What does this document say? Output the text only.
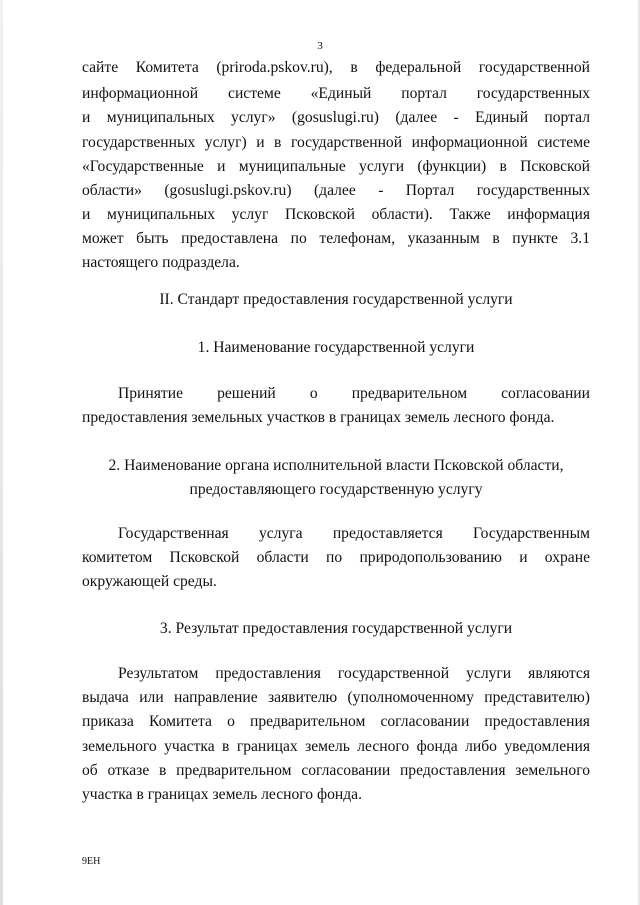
3
сайте Комитета (priroda.pskov.ru), в федеральной государственной
информационной системе «Единый портал государственных
и муниципальных услуг» (gosuslugi.ru) (далее - Единый портал
государственных услуг) и в государственной информационной системе
«Государственные и муниципальные услуги (функции) в Псковской
области» (gosuslugi.pskov.ru) (далее - Портал государственных
и муниципальных услуг Псковской области). Также информация
может быть предоставлена по телефонам, указанным в пункте 3.1
настоящего подраздела.
II. Стандарт предоставления государственной услуги
1. Наименование государственной услуги
Принятие решений о предварительном согласовании
предоставления земельных участков в границах земель лесного фонда.
2. Наименование органа исполнительной власти Псковской области,
предоставляющего государственную услугу
Государственная услуга предоставляется Государственным
комитетом Псковской области по природопользованию и охране
окружающей среды.
3. Результат предоставления государственной услуги
Результатом предоставления государственной услуги являются
выдача или направление заявителю (уполномоченному представителю)
приказа Комитета о предварительном согласовании предоставления
земельного участка в границах земель лесного фонда либо уведомления
об отказе в предварительном согласовании предоставления земельного
участка в границах земель лесного фонда.
9ЕН
